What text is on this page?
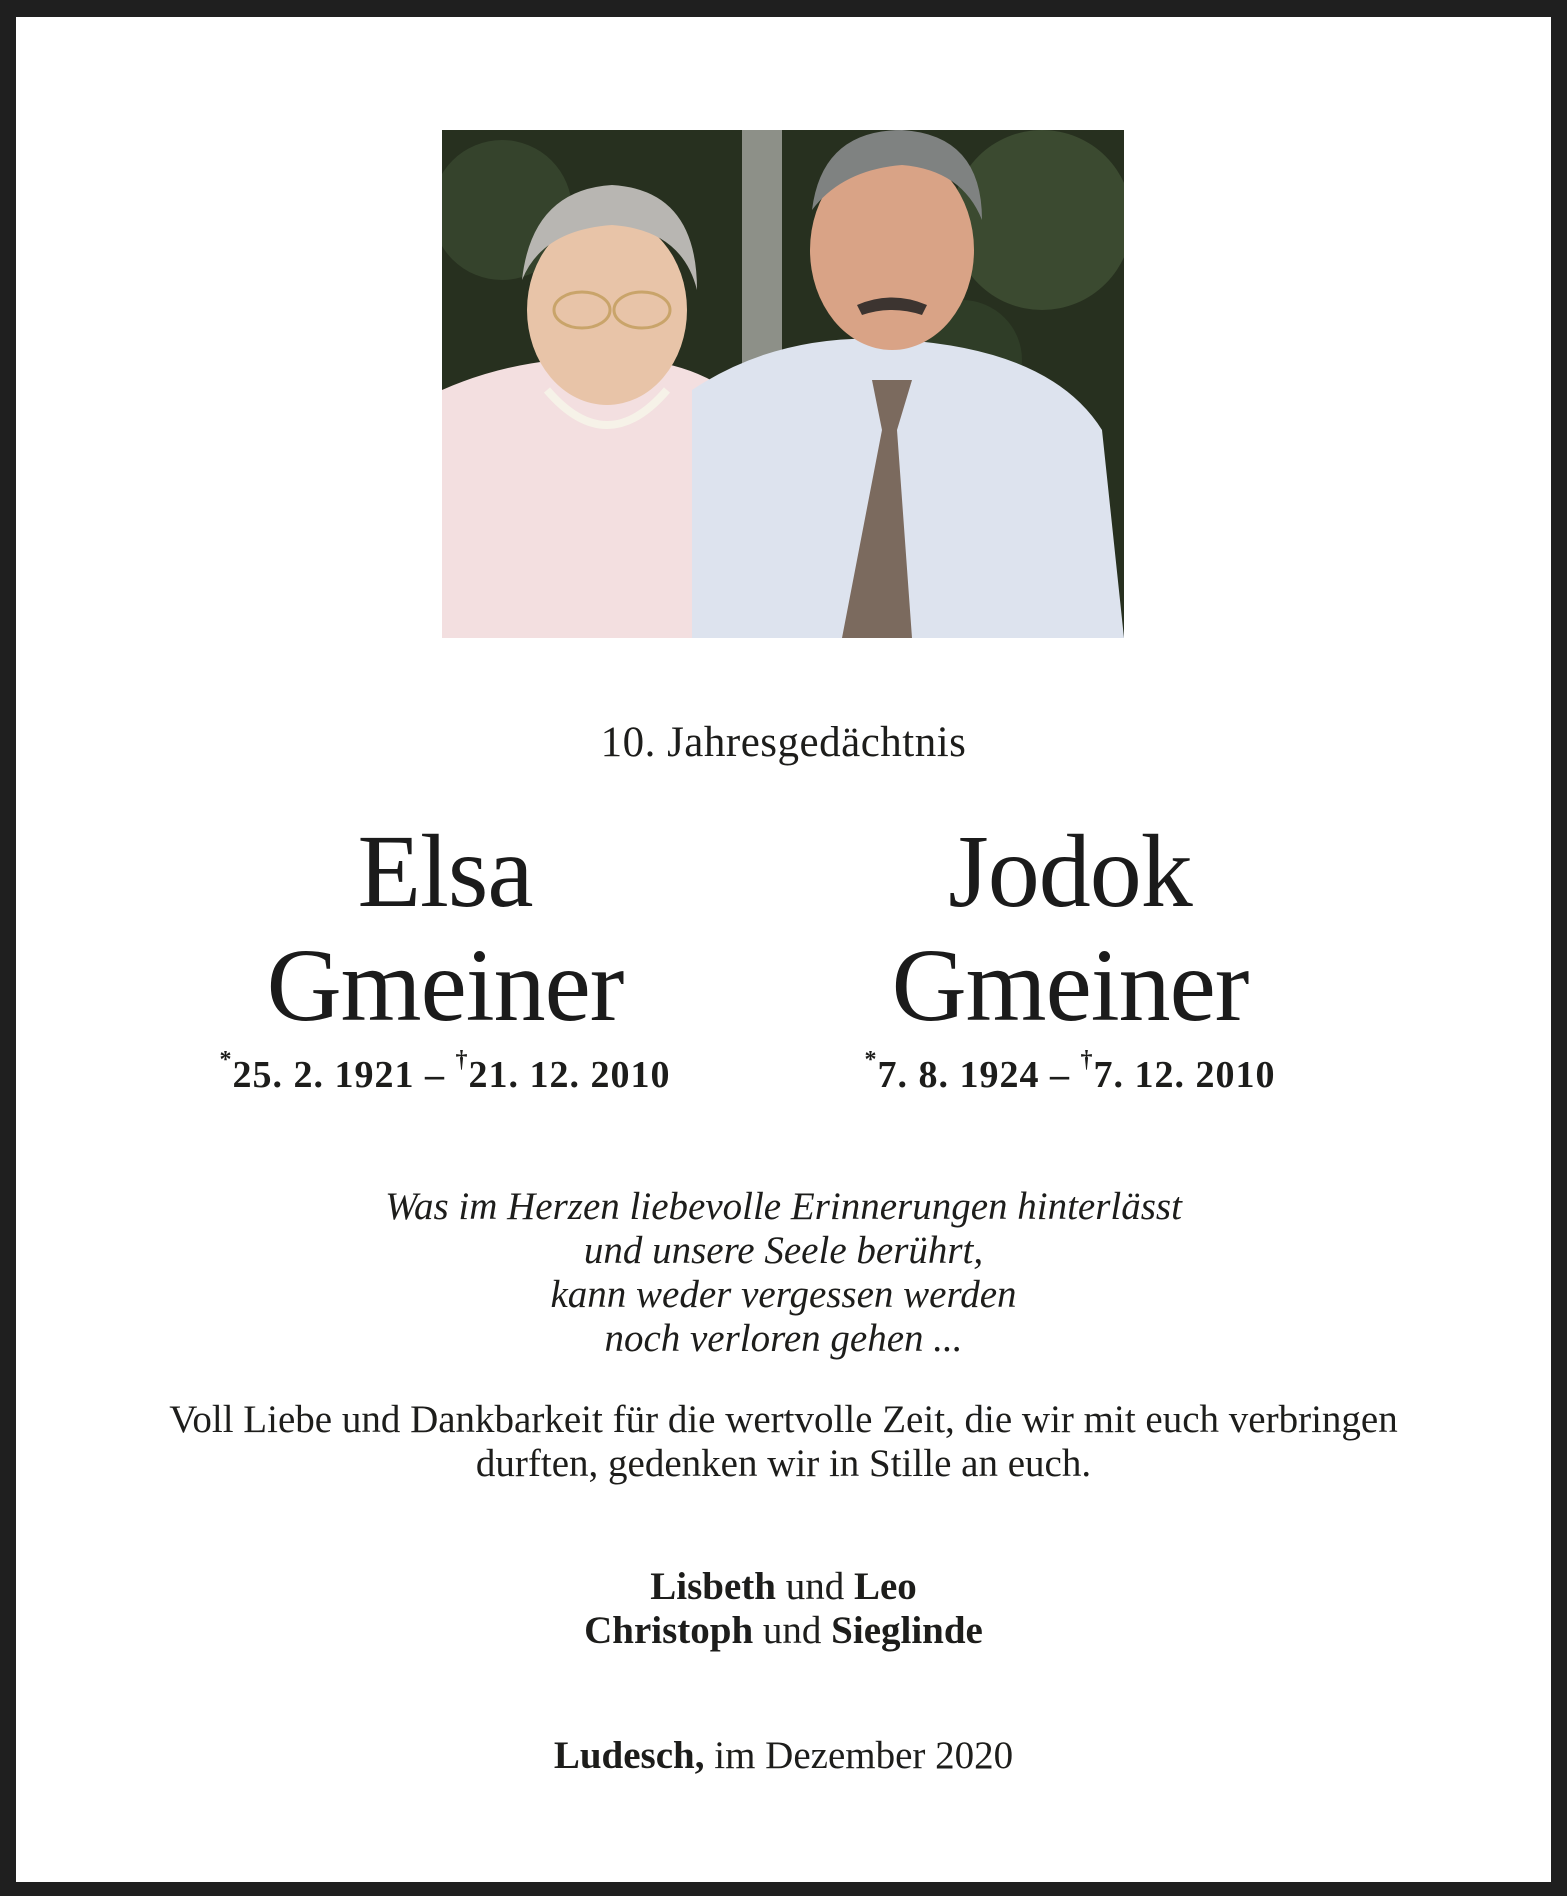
10. Jahresgedächtnis
Elsa
Gmeiner
*25. 2. 1921 – †21. 12. 2010
Jodok
Gmeiner
*7. 8. 1924 – †7. 12. 2010
Was im Herzen liebevolle Erinnerungen hinterlässt
und unsere Seele berührt,
kann weder vergessen werden
noch verloren gehen ...
Voll Liebe und Dankbarkeit für die wertvolle Zeit, die wir mit euch verbringen
durften, gedenken wir in Stille an euch.
Lisbeth und Leo
Christoph und Sieglinde
Ludesch, im Dezember 2020
